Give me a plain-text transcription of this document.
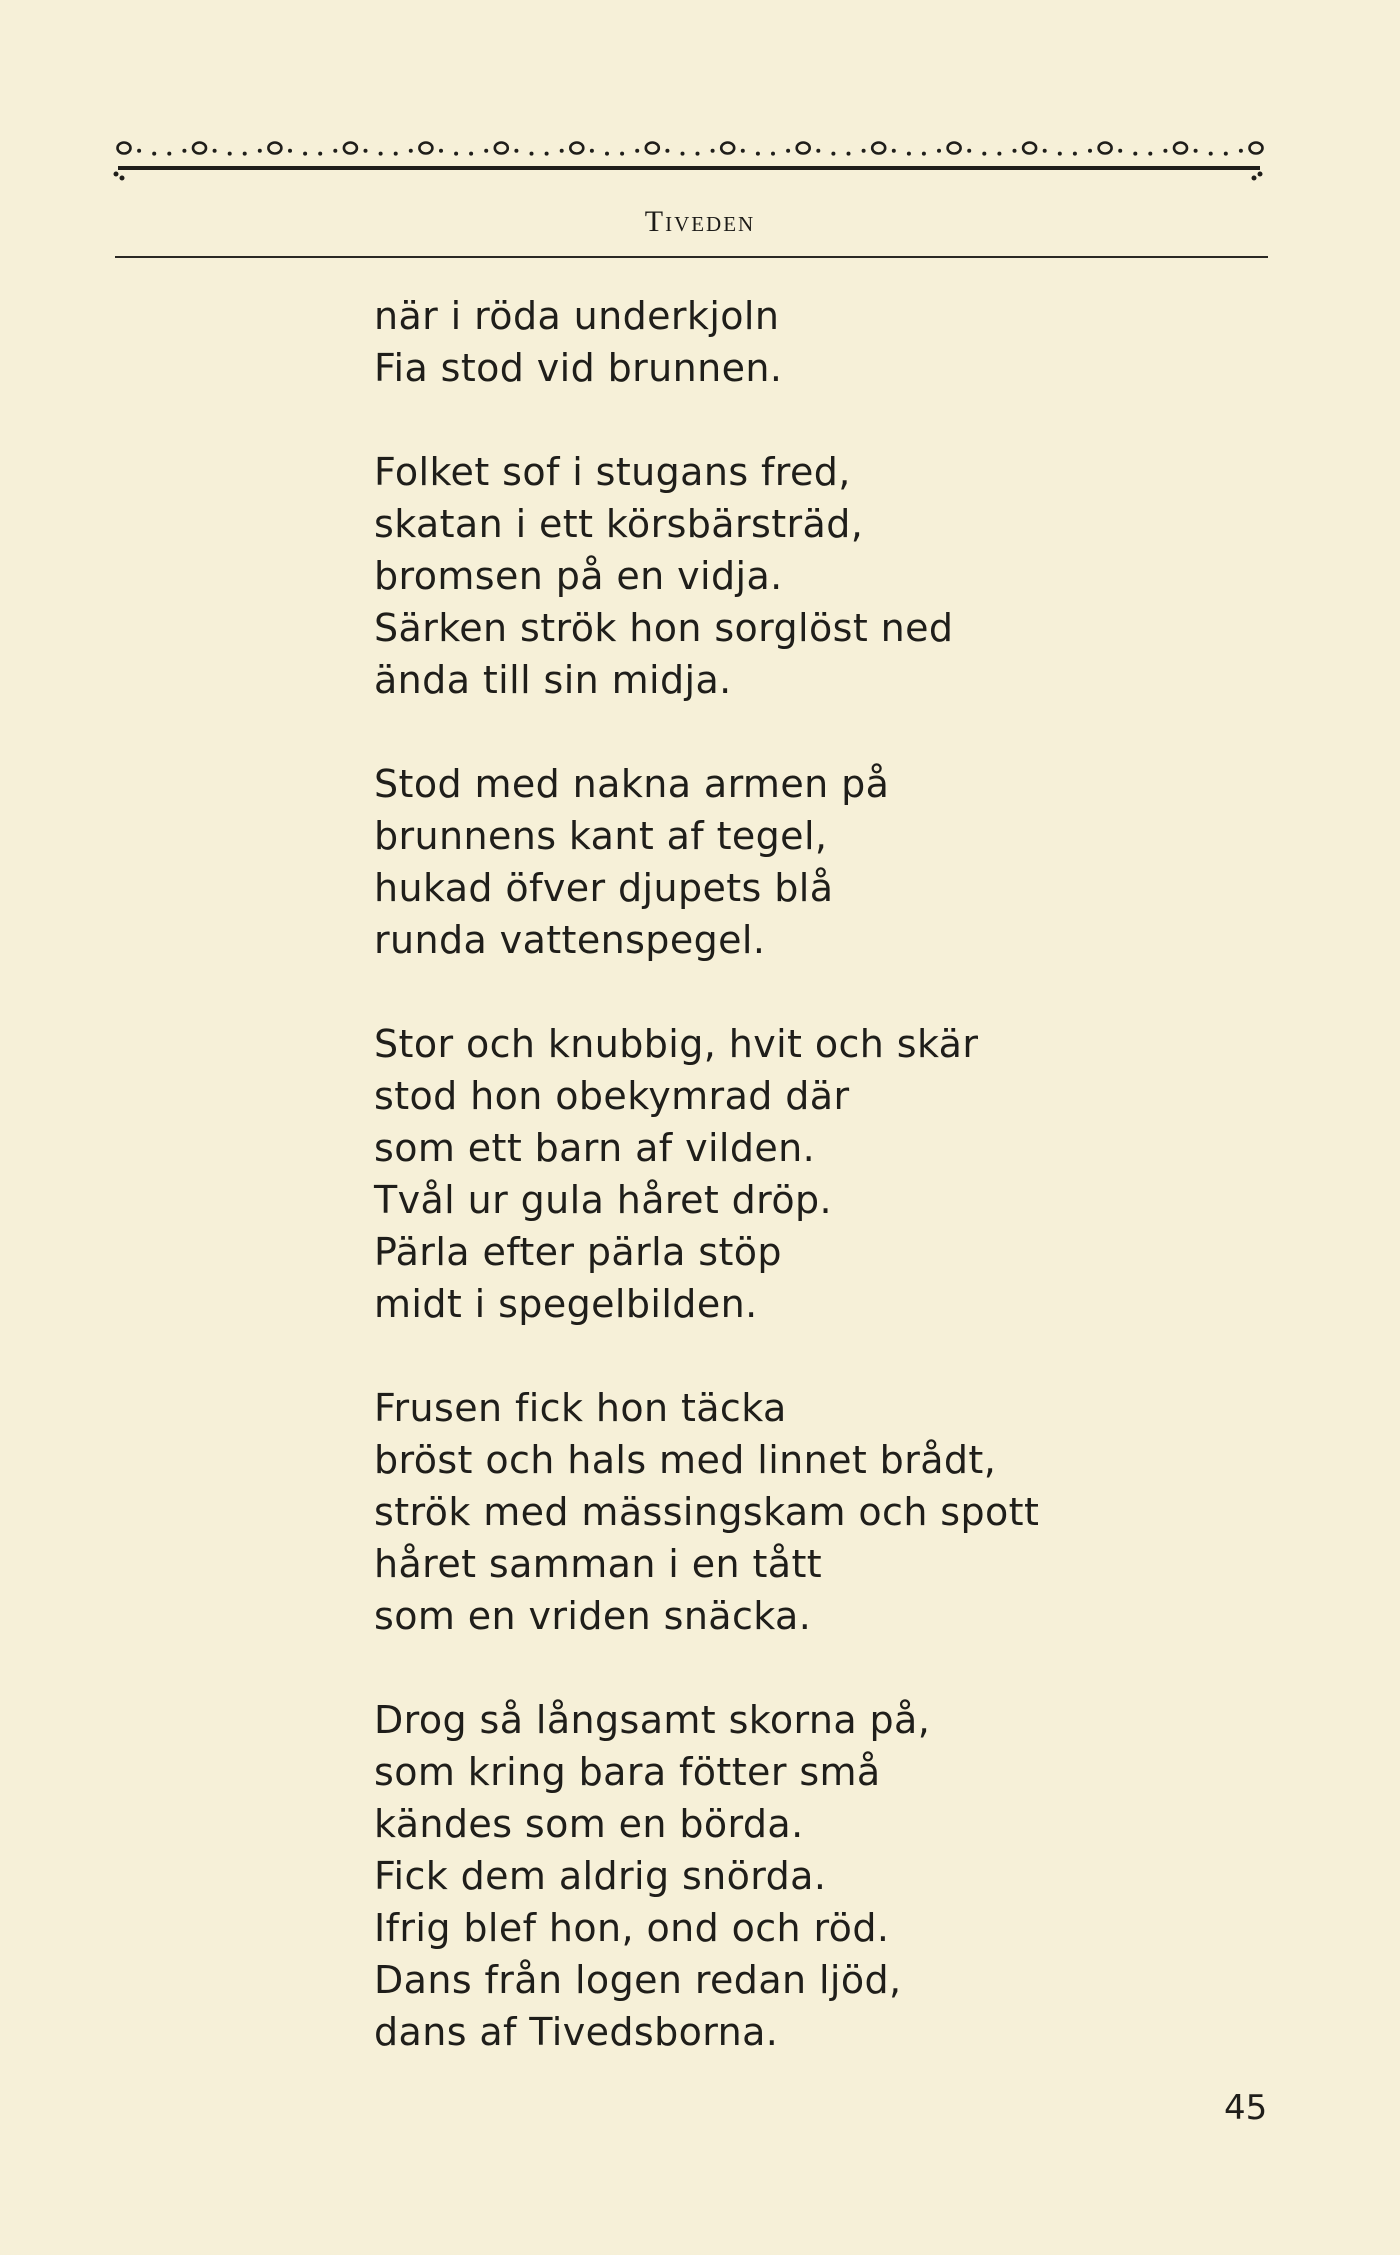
Tiveden
när i röda underkjoln
Fia stod vid brunnen.
Folket sof i stugans fred,
skatan i ett körsbärsträd,
bromsen på en vidja.
Särken strök hon sorglöst ned
ända till sin midja.
Stod med nakna armen på
brunnens kant af tegel,
hukad öfver djupets blå
runda vattenspegel.
Stor och knubbig, hvit och skär
stod hon obekymrad där
som ett barn af vilden.
Tvål ur gula håret dröp.
Pärla efter pärla stöp
midt i spegelbilden.
Frusen fick hon täcka
bröst och hals med linnet brådt,
strök med mässingskam och spott
håret samman i en tått
som en vriden snäcka.
Drog så långsamt skorna på,
som kring bara fötter små
kändes som en börda.
Fick dem aldrig snörda.
Ifrig blef hon, ond och röd.
Dans från logen redan ljöd,
dans af Tivedsborna.
45
